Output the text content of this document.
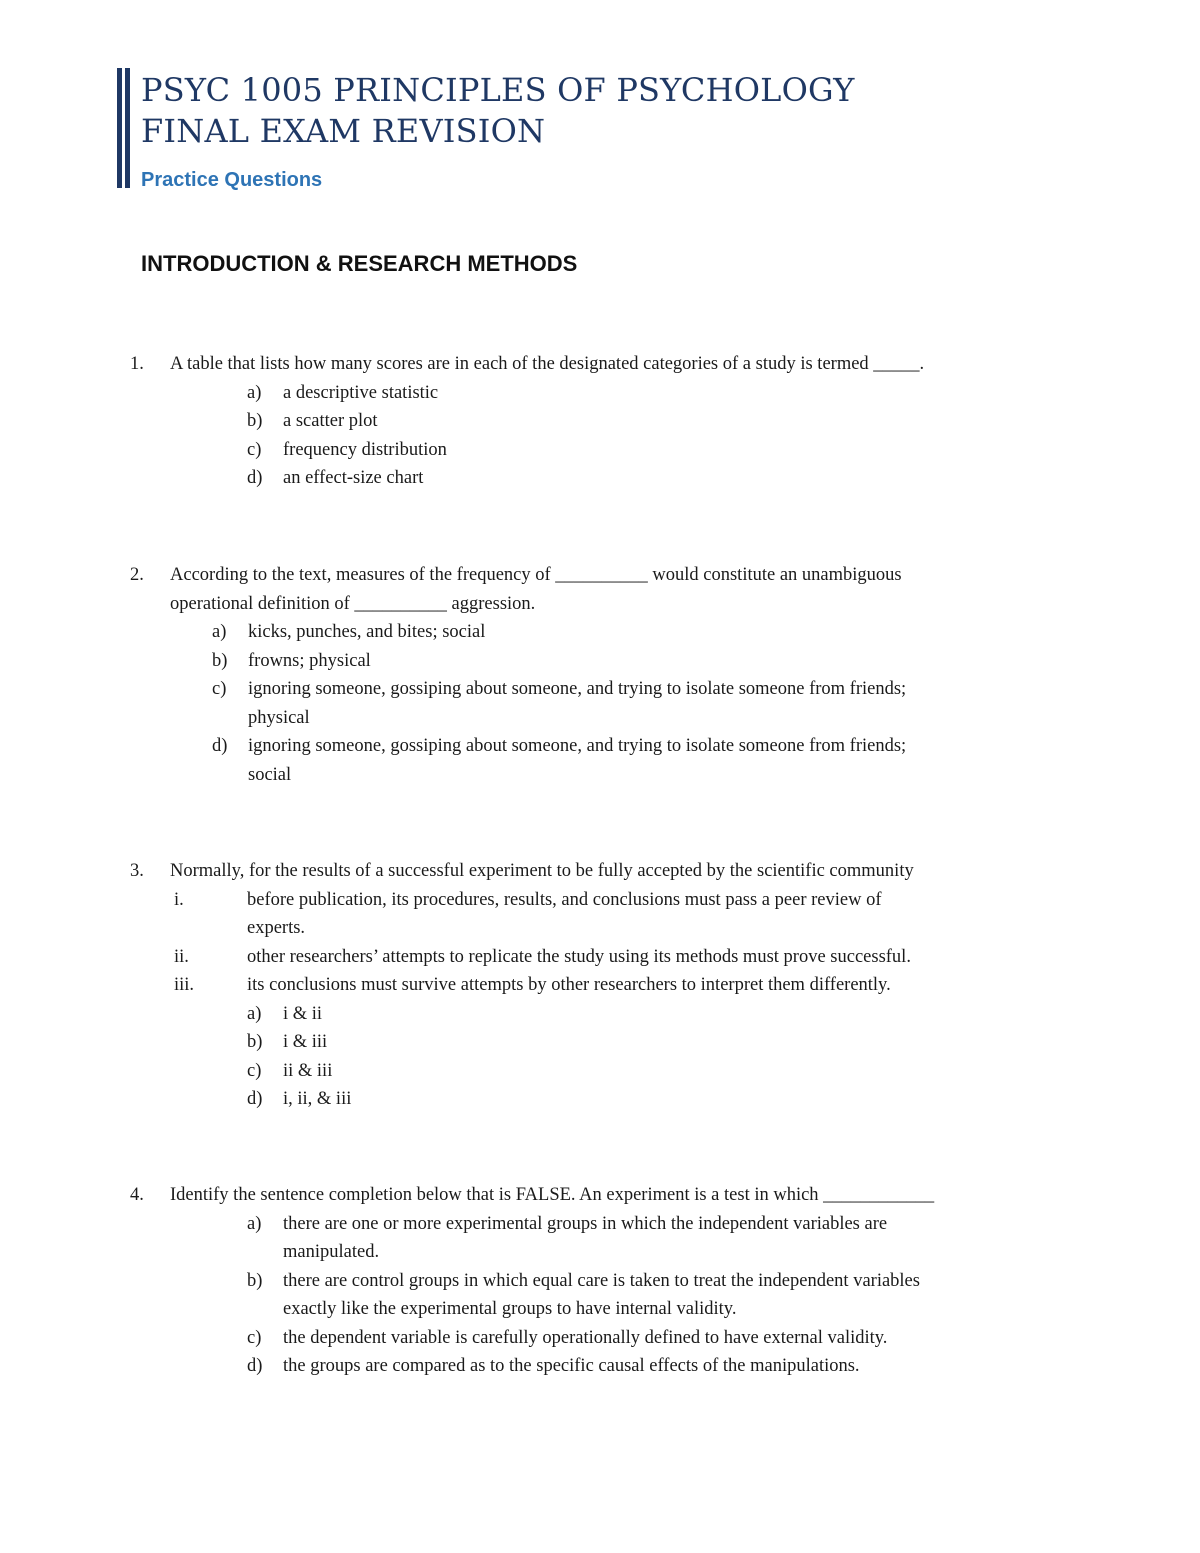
PSYC 1005 PRINCIPLES OF PSYCHOLOGY
FINAL EXAM REVISION
Practice Questions
INTRODUCTION & RESEARCH METHODS
1. A table that lists how many scores are in each of the designated categories of a study is termed _____.
a) a descriptive statistic
b) a scatter plot
c) frequency distribution
d) an effect-size chart
2. According to the text, measures of the frequency of __________ would constitute an unambiguous
operational definition of __________ aggression.
a) kicks, punches, and bites; social
b) frowns; physical
c) ignoring someone, gossiping about someone, and trying to isolate someone from friends;
physical
d) ignoring someone, gossiping about someone, and trying to isolate someone from friends;
social
3. Normally, for the results of a successful experiment to be fully accepted by the scientific community
i.	before publication, its procedures, results, and conclusions must pass a peer review of
experts.
ii.	other researchers’ attempts to replicate the study using its methods must prove successful.
iii.	its conclusions must survive attempts by other researchers to interpret them differently.
a) i & ii
b) i & iii
c) ii & iii
d) i, ii, & iii
4. Identify the sentence completion below that is FALSE. An experiment is a test in which ____________
a) there are one or more experimental groups in which the independent variables are
manipulated.
b) there are control groups in which equal care is taken to treat the independent variables
exactly like the experimental groups to have internal validity.
c) the dependent variable is carefully operationally defined to have external validity.
d) the groups are compared as to the specific causal effects of the manipulations.
